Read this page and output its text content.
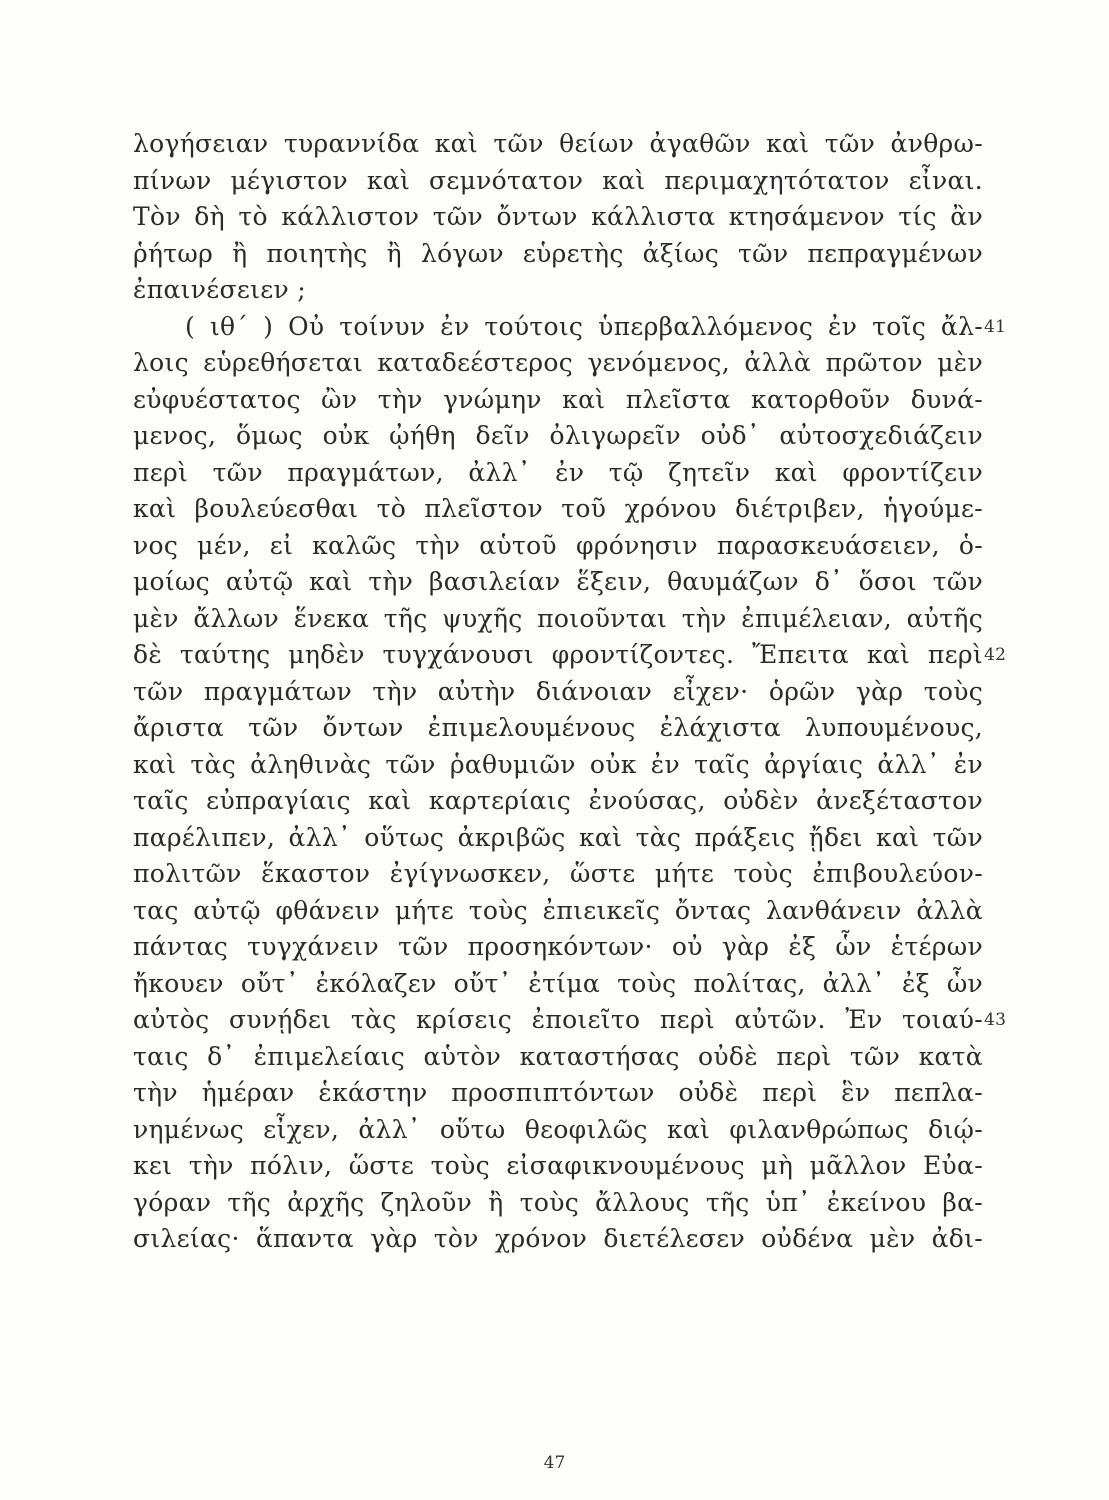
λογήσειαν τυραννίδα καὶ τῶν θείων ἀγαθῶν καὶ τῶν ἀνθρω-
πίνων μέγιστον καὶ σεμνότατον καὶ περιμαχητότατον εἶναι.
Τὸν δὴ τὸ κάλλιστον τῶν ὄντων κάλλιστα κτησάμενον τίς ἂν
ῥήτωρ ἢ ποιητὴς ἢ λόγων εὑρετὴς ἀξίως τῶν πεπραγμένων
ἐπαινέσειεν ;
( ιθ΄ ) Οὐ τοίνυν ἐν τούτοις ὑπερβαλλόμενος ἐν τοῖς ἄλ- 41
λοις εὑρεθήσεται καταδεέστερος γενόμενος, ἀλλὰ πρῶτον μὲν
εὐφυέστατος ὢν τὴν γνώμην καὶ πλεῖστα κατορθοῦν δυνά-
μενος, ὅμως οὐκ ᾠήθη δεῖν ὀλιγωρεῖν οὐδ᾿ αὐτοσχεδιάζειν
περὶ τῶν πραγμάτων, ἀλλ᾿ ἐν τῷ ζητεῖν καὶ φροντίζειν
καὶ βουλεύεσθαι τὸ πλεῖστον τοῦ χρόνου διέτριβεν, ἡγούμε-
νος μέν, εἰ καλῶς τὴν αὑτοῦ φρόνησιν παρασκευάσειεν, ὁ-
μοίως αὐτῷ καὶ τὴν βασιλείαν ἕξειν, θαυμάζων δ᾿ ὅσοι τῶν
μὲν ἄλλων ἕνεκα τῆς ψυχῆς ποιοῦνται τὴν ἐπιμέλειαν, αὐτῆς
δὲ ταύτης μηδὲν τυγχάνουσι φροντίζοντες. Ἔπειτα καὶ περὶ 42
τῶν πραγμάτων τὴν αὐτὴν διάνοιαν εἶχεν· ὁρῶν γὰρ τοὺς
ἄριστα τῶν ὄντων ἐπιμελουμένους ἐλάχιστα λυπουμένους,
καὶ τὰς ἀληθινὰς τῶν ῥαθυμιῶν οὐκ ἐν ταῖς ἀργίαις ἀλλ᾿ ἐν
ταῖς εὐπραγίαις καὶ καρτερίαις ἐνούσας, οὐδὲν ἀνεξέταστον
παρέλιπεν, ἀλλ᾿ οὕτως ἀκριβῶς καὶ τὰς πράξεις ᾔδει καὶ τῶν
πολιτῶν ἕκαστον ἐγίγνωσκεν, ὥστε μήτε τοὺς ἐπιβουλεύον-
τας αὐτῷ φθάνειν μήτε τοὺς ἐπιεικεῖς ὄντας λανθάνειν ἀλλὰ
πάντας τυγχάνειν τῶν προσηκόντων· οὐ γὰρ ἐξ ὧν ἑτέρων
ἤκουεν οὔτ᾿ ἐκόλαζεν οὔτ᾿ ἐτίμα τοὺς πολίτας, ἀλλ᾿ ἐξ ὧν
αὐτὸς συνῄδει τὰς κρίσεις ἐποιεῖτο περὶ αὐτῶν. Ἐν τοιαύ- 43
ταις δ᾿ ἐπιμελείαις αὑτὸν καταστήσας οὐδὲ περὶ τῶν κατὰ
τὴν ἡμέραν ἑκάστην προσπιπτόντων οὐδὲ περὶ ἓν πεπλα-
νημένως εἶχεν, ἀλλ᾿ οὕτω θεοφιλῶς καὶ φιλανθρώπως διῴ-
κει τὴν πόλιν, ὥστε τοὺς εἰσαφικνουμένους μὴ μᾶλλον Εὐα-
γόραν τῆς ἀρχῆς ζηλοῦν ἢ τοὺς ἄλλους τῆς ὑπ᾿ ἐκείνου βα-
σιλείας· ἅπαντα γὰρ τὸν χρόνον διετέλεσεν οὐδένα μὲν ἀδι-
47
